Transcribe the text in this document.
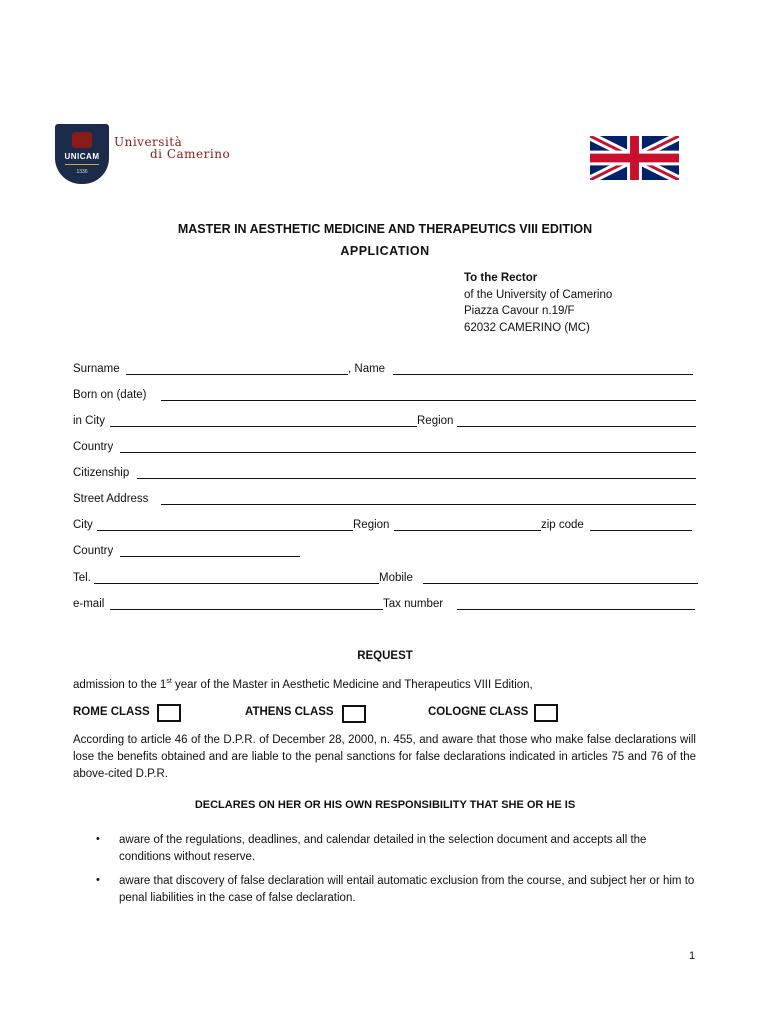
UNICAM
1336
Università
di Camerino
MASTER IN AESTHETIC MEDICINE AND THERAPEUTICS VIII EDITION
APPLICATION
To the Rector
of the University of Camerino
Piazza Cavour n.19/F
62032 CAMERINO (MC)
Surname	, Name
Born on (date)
in City	Region
Country
Citizenship
Street Address
City	Region	zip code
Country
Tel.	Mobile
e-mail	Tax number
REQUEST
admission to the 1st year of the Master in Aesthetic Medicine and Therapeutics VIII Edition,
ROME CLASS	ATHENS CLASS	COLOGNE CLASS
According to article 46 of the D.P.R. of December 28, 2000, n. 455, and aware that those who make false declarations will lose the benefits obtained and are liable to the penal sanctions for false declarations indicated in articles 75 and 76 of the above-cited D.P.R.
DECLARES ON HER OR HIS OWN RESPONSIBILITY THAT SHE OR HE IS
• aware of the regulations, deadlines, and calendar detailed in the selection document and accepts all the conditions without reserve.
• aware that discovery of false declaration will entail automatic exclusion from the course, and subject her or him to penal liabilities in the case of false declaration.
1
